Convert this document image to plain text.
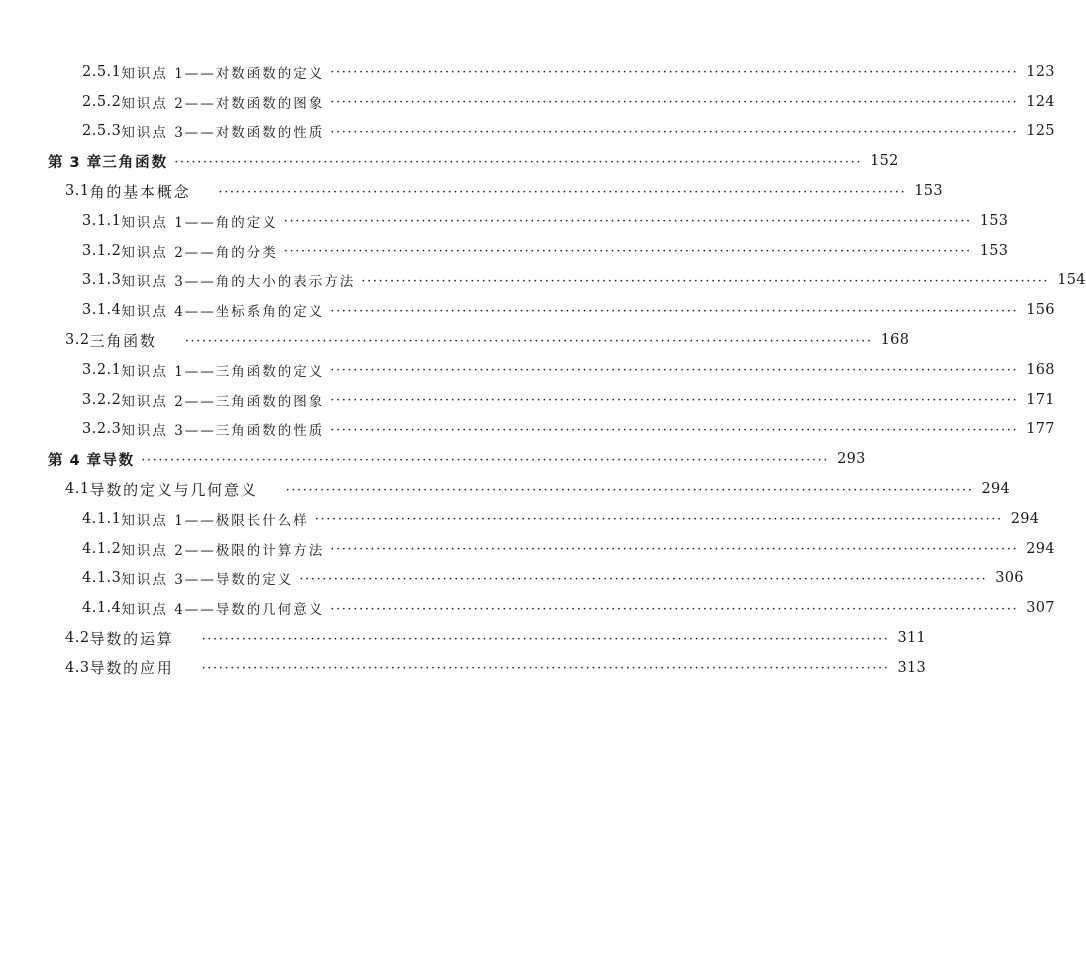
2.5.1 知识点 1——对数函数的定义 ························································································································ 123
2.5.2 知识点 2——对数函数的图象 ························································································································ 124
2.5.3 知识点 3——对数函数的性质 ························································································································ 125
第 3 章 三角函数 ························································································································ 152
3.1 角的基本概念 ························································································································ 153
3.1.1 知识点 1——角的定义 ························································································································ 153
3.1.2 知识点 2——角的分类 ························································································································ 153
3.1.3 知识点 3——角的大小的表示方法 ························································································································ 154
3.1.4 知识点 4——坐标系角的定义 ························································································································ 156
3.2 三角函数 ························································································································ 168
3.2.1 知识点 1——三角函数的定义 ························································································································ 168
3.2.2 知识点 2——三角函数的图象 ························································································································ 171
3.2.3 知识点 3——三角函数的性质 ························································································································ 177
第 4 章 导数 ························································································································ 293
4.1 导数的定义与几何意义 ························································································································ 294
4.1.1 知识点 1——极限长什么样 ························································································································ 294
4.1.2 知识点 2——极限的计算方法 ························································································································ 294
4.1.3 知识点 3——导数的定义 ························································································································ 306
4.1.4 知识点 4——导数的几何意义 ························································································································ 307
4.2 导数的运算 ························································································································ 311
4.3 导数的应用 ························································································································ 313
